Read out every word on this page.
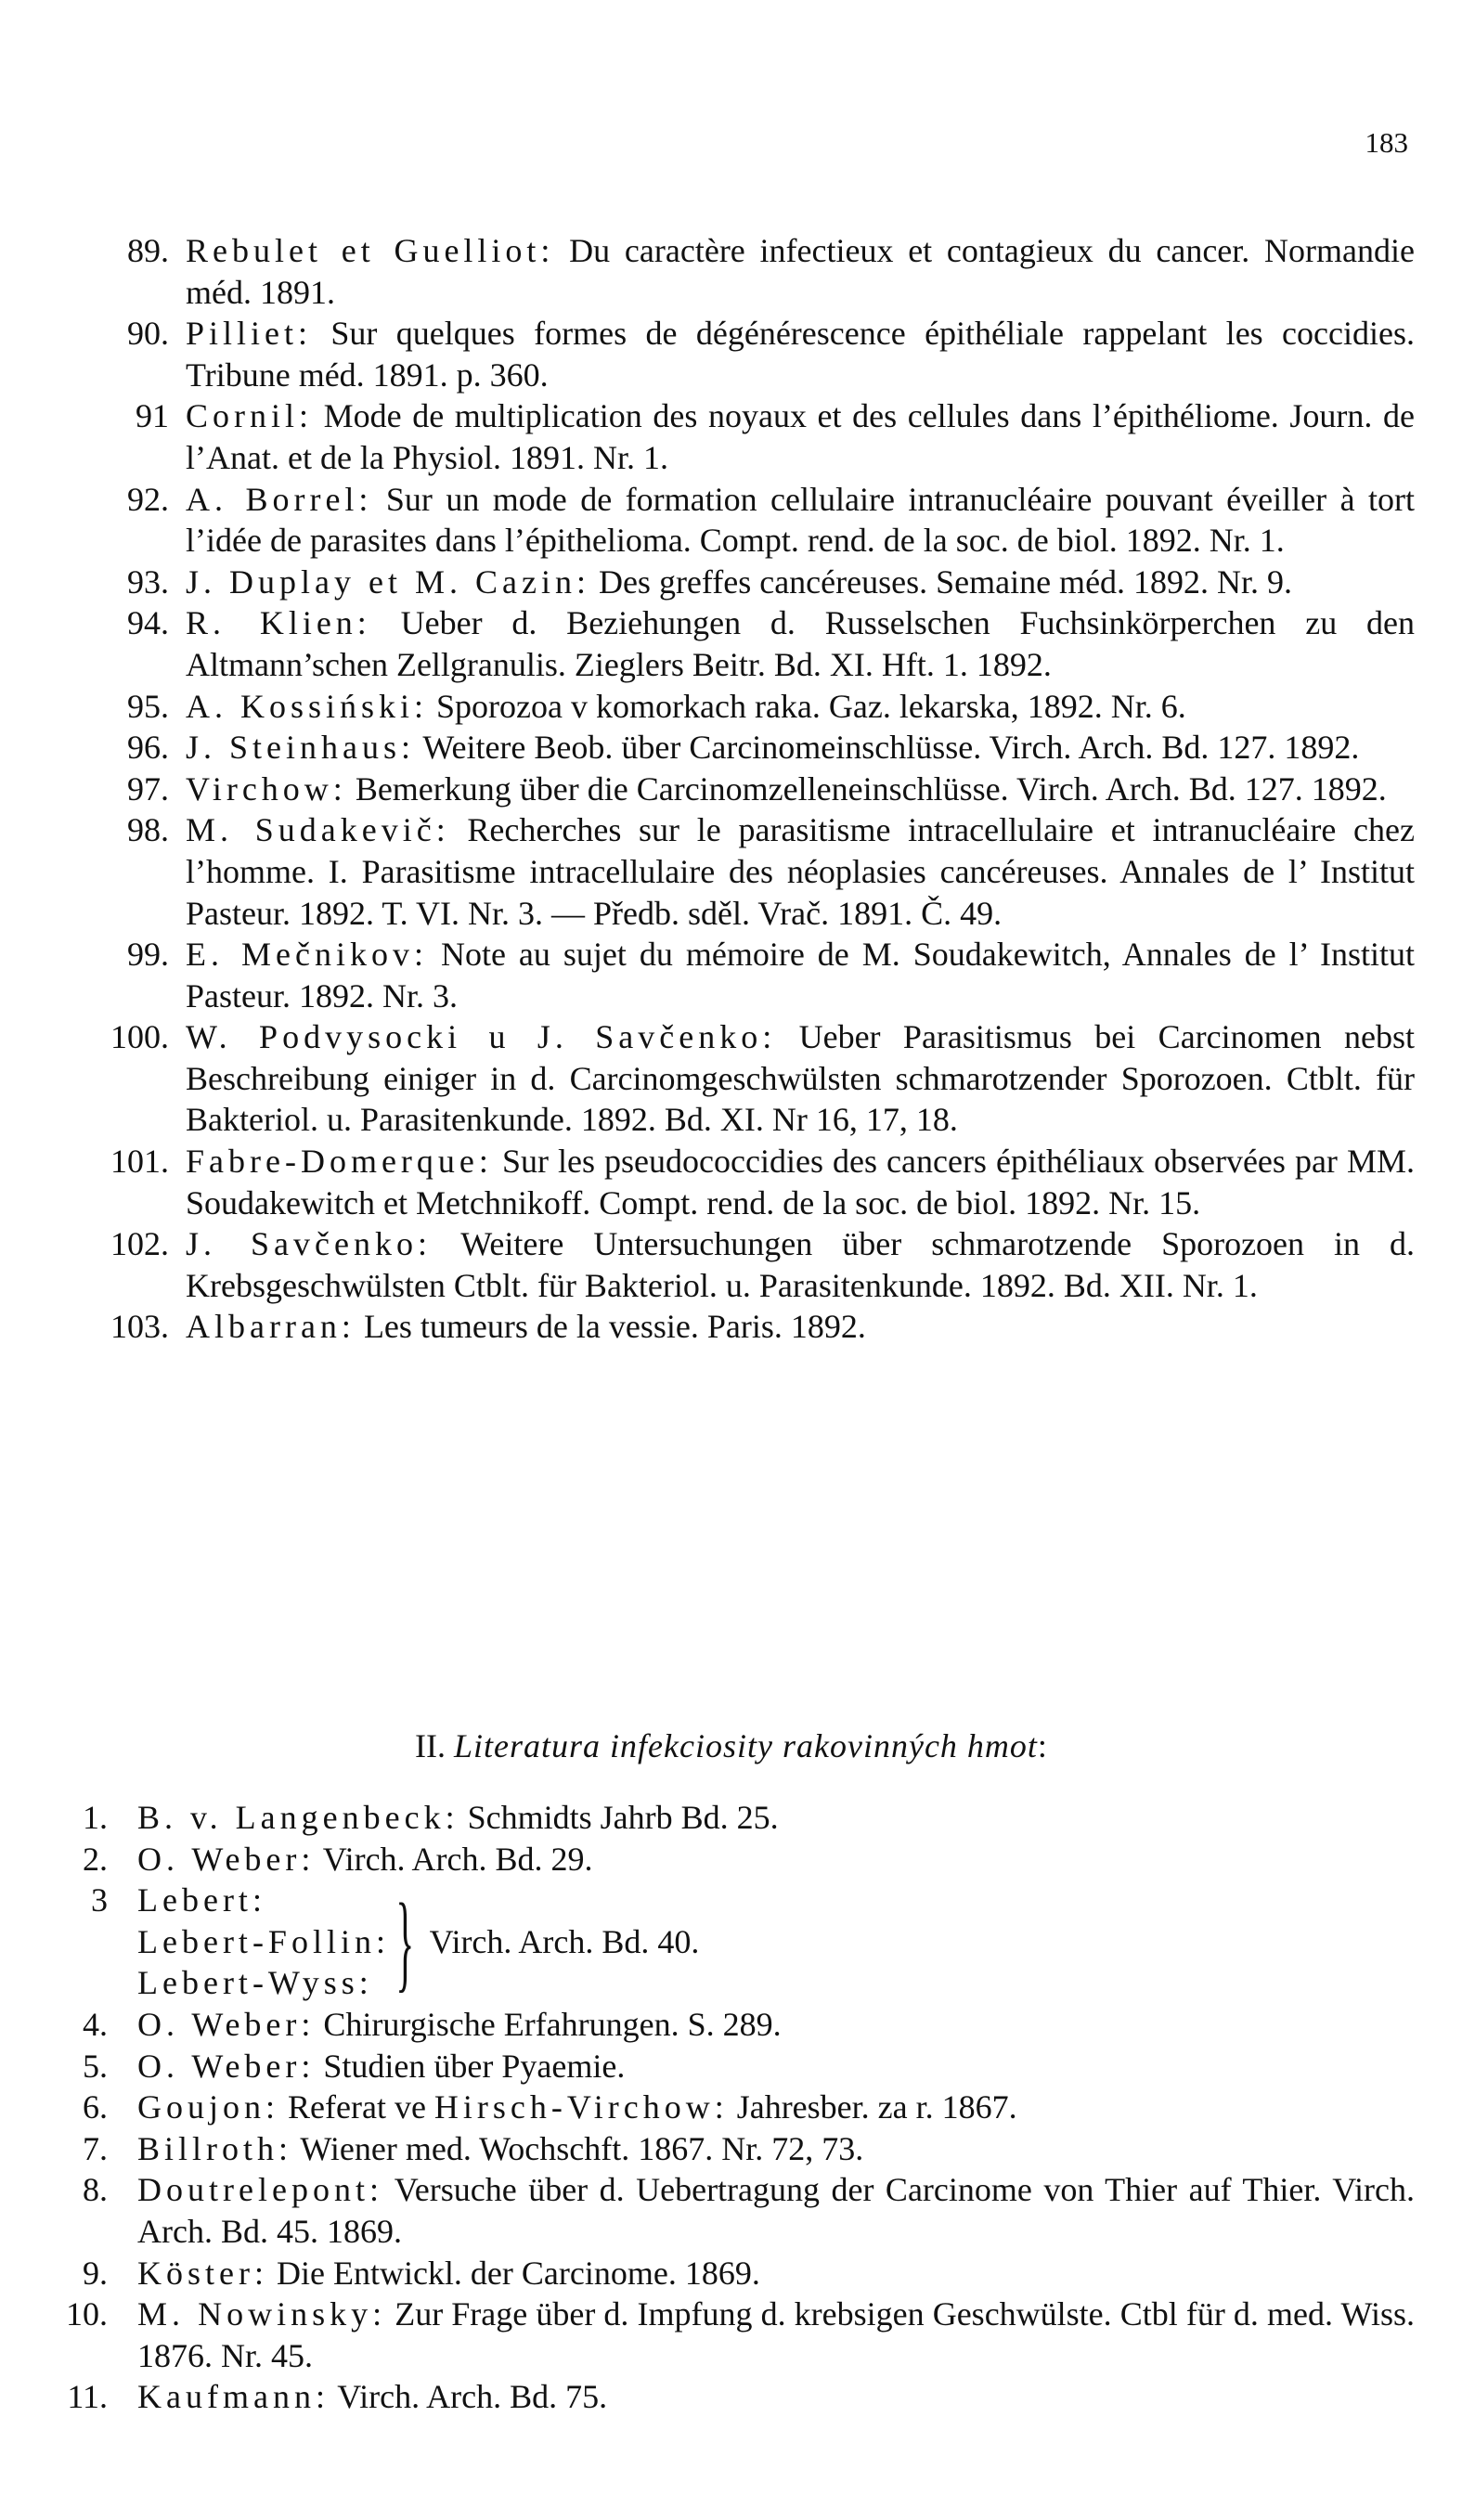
183
89. Rebulet et Guelliot: Du caractère infectieux et contagieux du cancer. Normandie méd. 1891.
90. Pilliet: Sur quelques formes de dégénérescence épithéliale rappelant les coccidies. Tribune méd. 1891. p. 360.
91 Cornil: Mode de multiplication des noyaux et des cellules dans l’épithéliome. Journ. de l’Anat. et de la Physiol. 1891. Nr. 1.
92. A. Borrel: Sur un mode de formation cellulaire intranucléaire pouvant éveiller à tort l’idée de parasites dans l’épithelioma. Compt. rend. de la soc. de biol. 1892. Nr. 1.
93. J. Duplay et M. Cazin: Des greffes cancéreuses. Semaine méd. 1892. Nr. 9.
94. R. Klien: Ueber d. Beziehungen d. Russelschen Fuchsinkörperchen zu den Altmann’schen Zellgranulis. Zieglers Beitr. Bd. XI. Hft. 1. 1892.
95. A. Kossiński: Sporozoa v komorkach raka. Gaz. lekarska, 1892. Nr. 6.
96. J. Steinhaus: Weitere Beob. über Carcinomeinschlüsse. Virch. Arch. Bd. 127. 1892.
97. Virchow: Bemerkung über die Carcinomzelleneinschlüsse. Virch. Arch. Bd. 127. 1892.
98. M. Sudakevič: Recherches sur le parasitisme intracellulaire et intranucléaire chez l’homme. I. Parasitisme intracellulaire des néoplasies cancéreuses. Annales de l’ Institut Pasteur. 1892. T. VI. Nr. 3. — Předb. sděl. Vrač. 1891. Č. 49.
99. E. Mečnikov: Note au sujet du mémoire de M. Soudakewitch, Annales de l’ Institut Pasteur. 1892. Nr. 3.
100. W. Podvysocki u J. Savčenko: Ueber Parasitismus bei Carcinomen nebst Beschreibung einiger in d. Carcinomgeschwülsten schmarotzender Sporozoen. Ctblt. für Bakteriol. u. Parasitenkunde. 1892. Bd. XI. Nr 16, 17, 18.
101. Fabre-Domerque: Sur les pseudococcidies des cancers épithéliaux observées par MM. Soudakewitch et Metchnikoff. Compt. rend. de la soc. de biol. 1892. Nr. 15.
102. J. Savčenko: Weitere Untersuchungen über schmarotzende Sporozoen in d. Krebsgeschwülsten Ctblt. für Bakteriol. u. Parasitenkunde. 1892. Bd. XII. Nr. 1.
103. Albarran: Les tumeurs de la vessie. Paris. 1892.
II. Literatura infekciosity rakovinných hmot:
1. B. v. Langenbeck: Schmidts Jahrb Bd. 25.
2. O. Weber: Virch. Arch. Bd. 29.
3 Lebert:
Lebert-Follin:
Lebert-Wyss: } Virch. Arch. Bd. 40.
4. O. Weber: Chirurgische Erfahrungen. S. 289.
5. O. Weber: Studien über Pyaemie.
6. Goujon: Referat ve Hirsch-Virchow: Jahresber. za r. 1867.
7. Billroth: Wiener med. Wochschft. 1867. Nr. 72, 73.
8. Doutrelepont: Versuche über d. Uebertragung der Carcinome von Thier auf Thier. Virch. Arch. Bd. 45. 1869.
9. Köster: Die Entwickl. der Carcinome. 1869.
10. M. Nowinsky: Zur Frage über d. Impfung d. krebsigen Geschwülste. Ctbl für d. med. Wiss. 1876. Nr. 45.
11. Kaufmann: Virch. Arch. Bd. 75.
